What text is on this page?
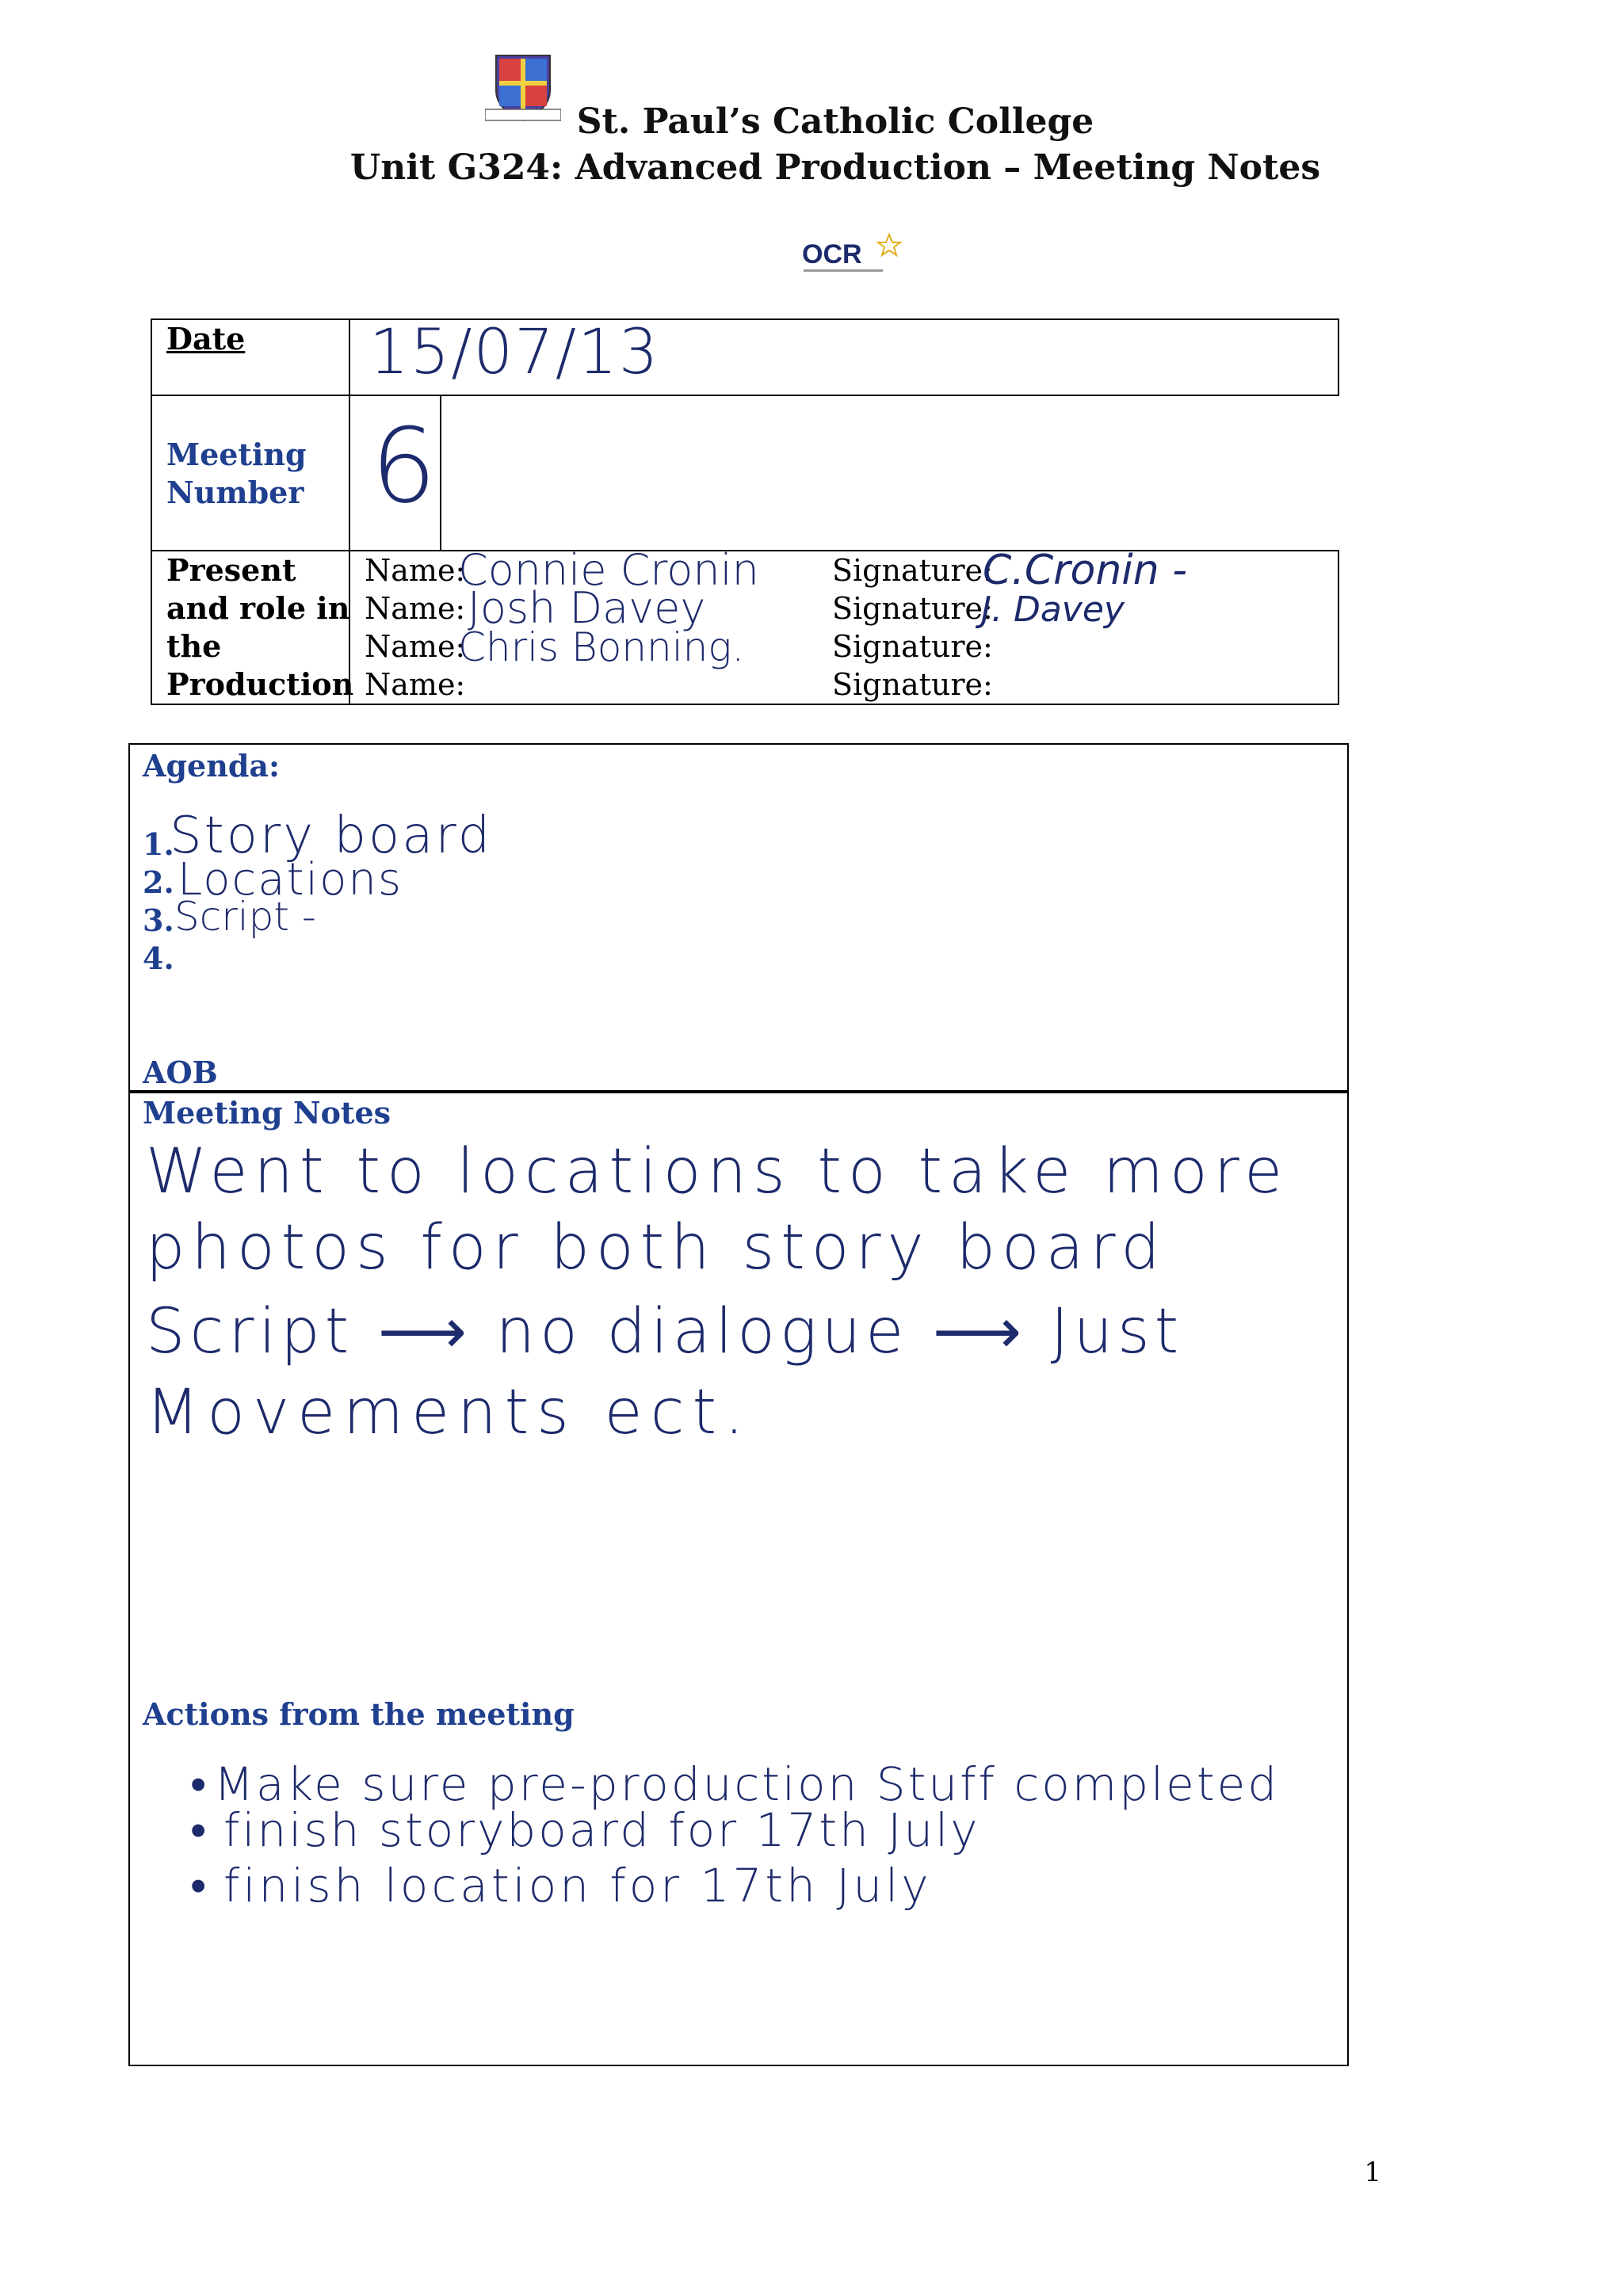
St. Paul’s Catholic College
Unit G324: Advanced Production – Meeting Notes
OCR
Date 15/07/13
Meeting
Number 6
Present
and role in
the
Production
Name:
Name:
Name:
Name:
Connie Cronin
Josh Davey
Chris Bonning.
Signature:
Signature:
Signature:
Signature:
C.Cronin -
J. Davey
Agenda:
1.
Story board
2. Locations
3. Script -
4.
AOB
Meeting Notes
Went to locations to take more
photos for both story board
Script ⟶ no dialogue ⟶ Just
Movements ect.
Actions from the meeting
• Make sure pre-production Stuff completed
• finish storyboard for 17th July
• finish location for 17th July
1
